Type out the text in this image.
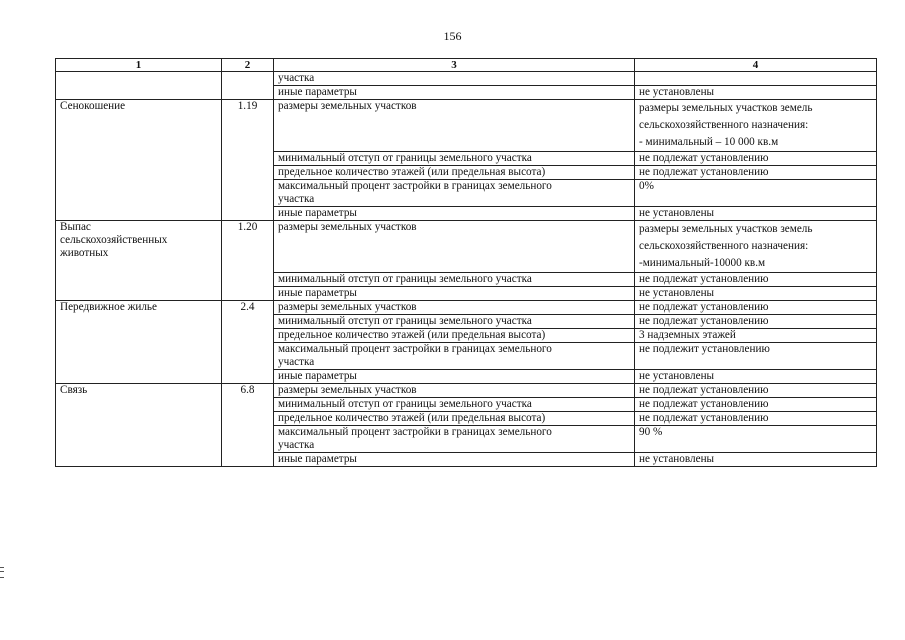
156
1	2	3	4
		участка	
		иные параметры	не установлены
Сенокошение	1.19	размеры земельных участков	размеры земельных участков земель
сельскохозяйственного назначения:
- минимальный – 10 000 кв.м

		минимальный отступ от границы земельного участка	не подлежат установлению
		предельное количество этажей (или предельная высота)	не подлежат установлению

		максимальный процент застройки в границах земельного
участка	0%
		иные параметры	не установлены

Выпас
сельскохозяйственных
животных	1.20	размеры земельных участков	размеры земельных участков земель
сельскохозяйственного назначения:
-минимальный-10000 кв.м

		минимальный отступ от границы земельного участка	не подлежат установлению
		иные параметры	не установлены
Передвижное жилье	2.4	размеры земельных участков	не подлежат установлению
		минимальный отступ от границы земельного участка	не подлежат установлению
		предельное количество этажей (или предельная высота)	3 надземных этажей

		максимальный процент застройки в границах земельного
участка	не подлежит установлению
		иные параметры	не установлены
Связь	6.8	размеры земельных участков	не подлежат установлению
		минимальный отступ от границы земельного участка	не подлежат установлению
		предельное количество этажей (или предельная высота)	не подлежат установлению

		максимальный процент застройки в границах земельного
участка	90 %
		иные параметры	не установлены
